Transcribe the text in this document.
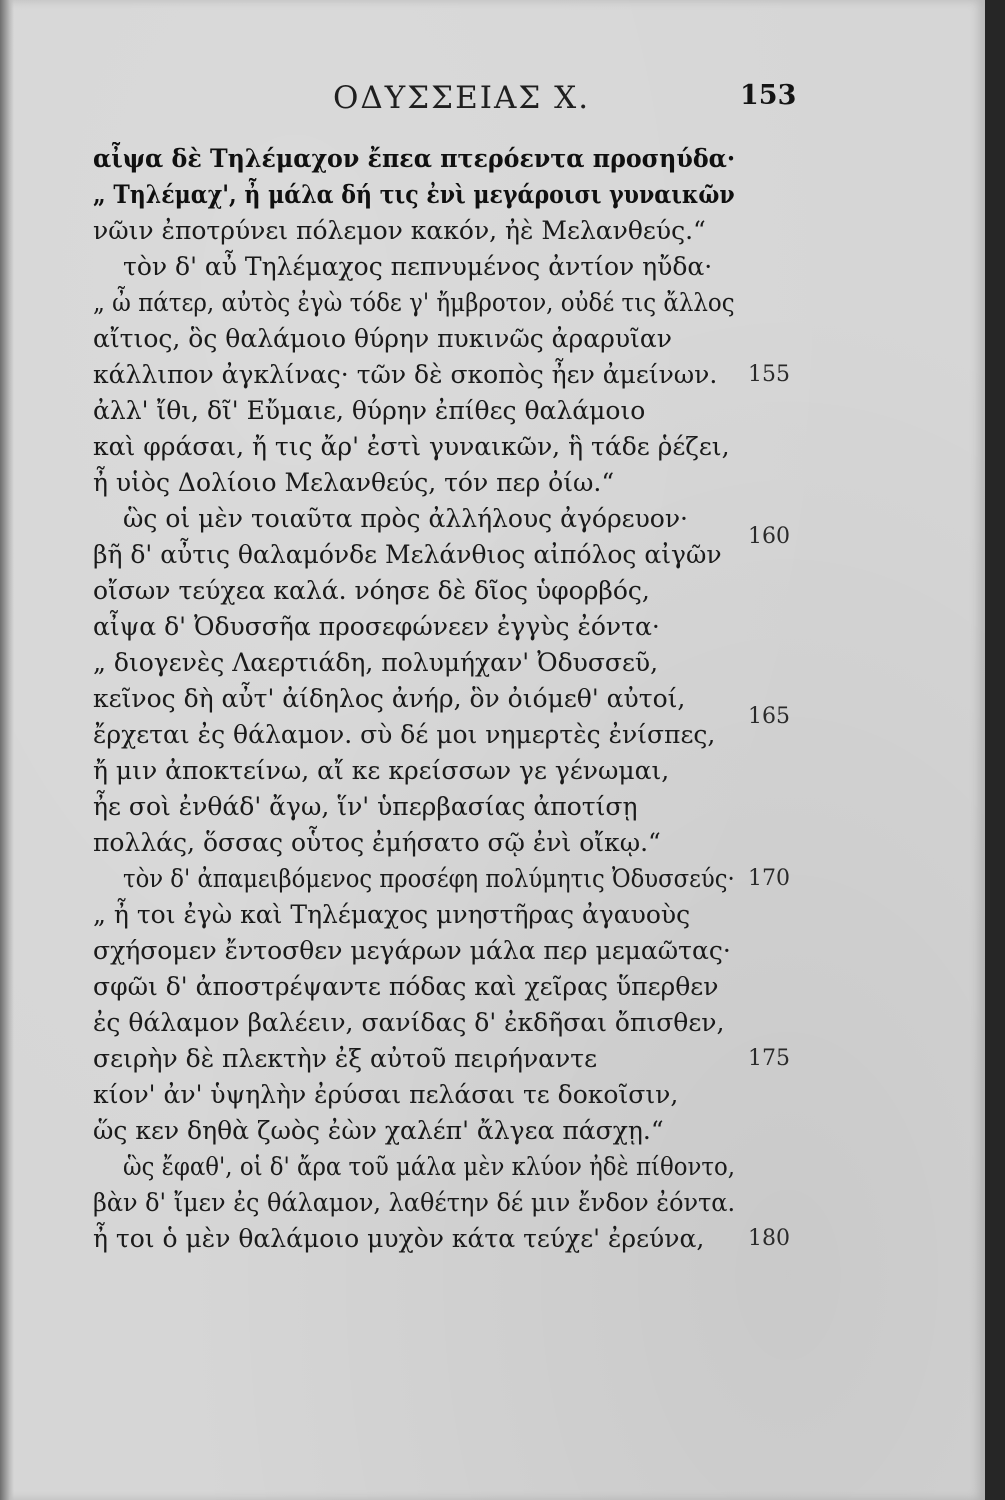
ΟΔΥΣΣΕΙΑΣ Χ.	153
αἶψα δὲ Τηλέμαχον ἔπεα πτερόεντα προσηύδα·
„ Τηλέμαχ', ἦ μάλα δή τις ἐνὶ μεγάροισι γυναικῶν
νῶιν ἐποτρύνει πόλεμον κακόν, ἠὲ Μελανθεύς.“
τὸν δ' αὖ Τηλέμαχος πεπνυμένος ἀντίον ηὔδα·
„ ὦ πάτερ, αὐτὸς ἐγὼ τόδε γ' ἤμβροτον, οὐδέ τις ἄλλος
αἴτιος, ὃς θαλάμοιο θύρην πυκινῶς ἀραρυῖαν
κάλλιπον ἀγκλίνας· τῶν δὲ σκοπὸς ἦεν ἀμείνων.
ἀλλ' ἴθι, δῖ' Εὔμαιε, θύρην ἐπίθες θαλάμοιο
καὶ φράσαι, ἤ τις ἄρ' ἐστὶ γυναικῶν, ἣ τάδε ῥέζει,
ἦ υἱὸς Δολίοιο Μελανθεύς, τόν περ ὀίω.“
ὣς οἱ μὲν τοιαῦτα πρὸς ἀλλήλους ἀγόρευον·
βῆ δ' αὖτις θαλαμόνδε Μελάνθιος αἰπόλος αἰγῶν
οἴσων τεύχεα καλά. νόησε δὲ δῖος ὑφορβός,
αἶψα δ' Ὀδυσσῆα προσεφώνεεν ἐγγὺς ἐόντα·
„ διογενὲς Λαερτιάδη, πολυμήχαν' Ὀδυσσεῦ,
κεῖνος δὴ αὖτ' ἀίδηλος ἀνήρ, ὃν ὀιόμεθ' αὐτοί,
ἔρχεται ἐς θάλαμον. σὺ δέ μοι νημερτὲς ἐνίσπες,
ἤ μιν ἀποκτείνω, αἴ κε κρείσσων γε γένωμαι,
ἦε σοὶ ἐνθάδ' ἄγω, ἵν' ὑπερβασίας ἀποτίσῃ
πολλάς, ὅσσας οὗτος ἐμήσατο σῷ ἐνὶ οἴκῳ.“
τὸν δ' ἀπαμειβόμενος προσέφη πολύμητις Ὀδυσσεύς·
„ ἦ τοι ἐγὼ καὶ Τηλέμαχος μνηστῆρας ἀγαυοὺς
σχήσομεν ἔντοσθεν μεγάρων μάλα περ μεμαῶτας·
σφῶι δ' ἀποστρέψαντε πόδας καὶ χεῖρας ὕπερθεν
ἐς θάλαμον βαλέειν, σανίδας δ' ἐκδῆσαι ὄπισθεν,
σειρὴν δὲ πλεκτὴν ἐξ αὐτοῦ πειρήναντε
κίον' ἀν' ὑψηλὴν ἐρύσαι πελάσαι τε δοκοῖσιν,
ὥς κεν δηθὰ ζωὸς ἐὼν χαλέπ' ἄλγεα πάσχῃ.“
ὣς ἔφαθ', οἱ δ' ἄρα τοῦ μάλα μὲν κλύον ἠδὲ πίθοντο,
βὰν δ' ἴμεν ἐς θάλαμον, λαθέτην δέ μιν ἔνδον ἐόντα.
ἦ τοι ὁ μὲν θαλάμοιο μυχὸν κάτα τεύχε' ἐρεύνα,
155
160
165
170
175
180
